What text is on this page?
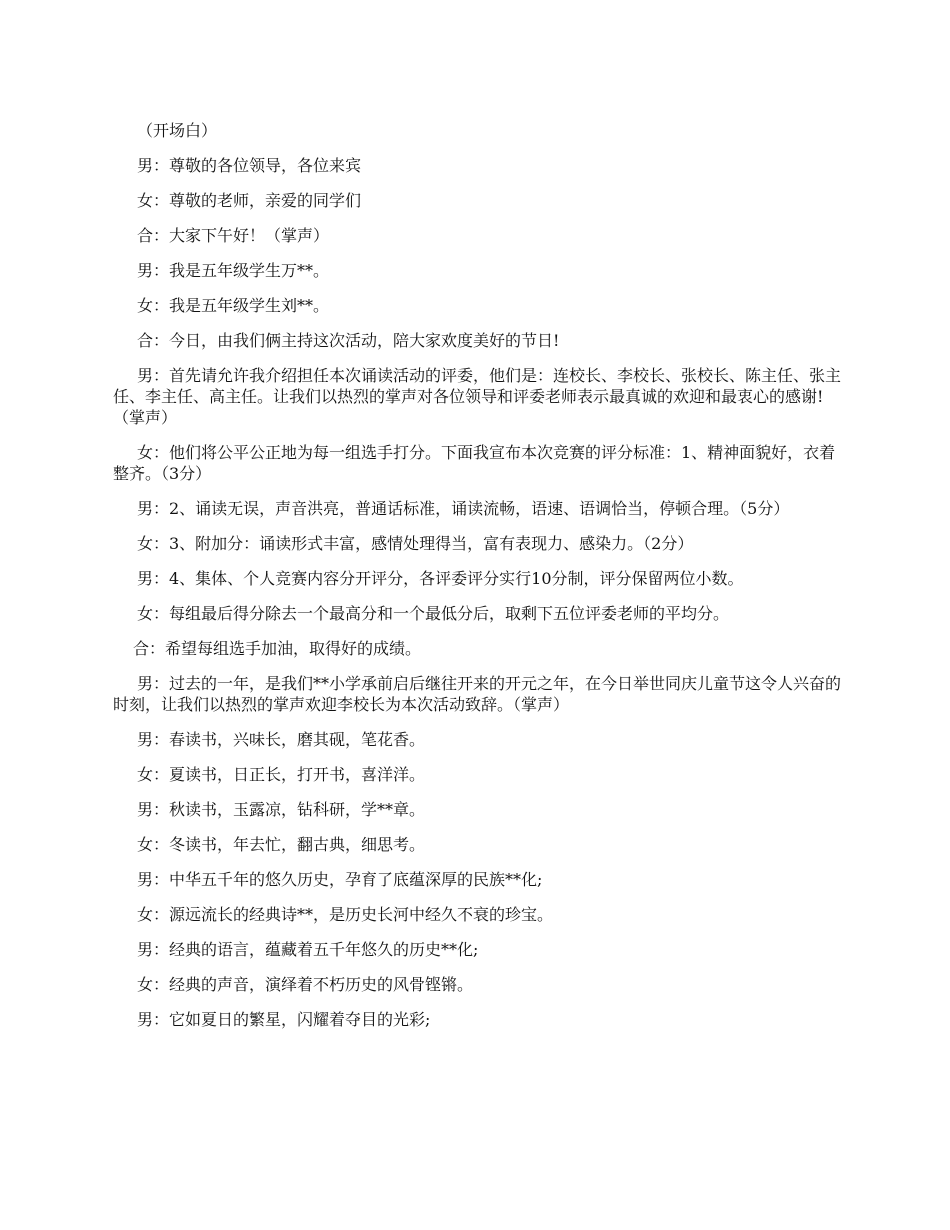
（开场白）

男：尊敬的各位领导，各位来宾

女：尊敬的老师，亲爱的同学们

合：大家下午好！（掌声）

男：我是五年级学生万**。

女：我是五年级学生刘**。

合：今日，由我们俩主持这次活动，陪大家欢度美好的节日!

男：首先请允许我介绍担任本次诵读活动的评委，他们是：连校长、李校长、张校长、陈主任、张主任、李主任、高主任。让我们以热烈的掌声对各位领导和评委老师表示最真诚的欢迎和最衷心的感谢!（掌声）

女：他们将公平公正地为每一组选手打分。下面我宣布本次竞赛的评分标准：1、精神面貌好，衣着整齐。（3分）

男：2、诵读无误，声音洪亮，普通话标准，诵读流畅，语速、语调恰当，停顿合理。（5分）

女：3、附加分：诵读形式丰富，感情处理得当，富有表现力、感染力。（2分）

男：4、集体、个人竞赛内容分开评分，各评委评分实行10分制，评分保留两位小数。

女：每组最后得分除去一个最高分和一个最低分后，取剩下五位评委老师的平均分。

合：希望每组选手加油，取得好的成绩。

男：过去的一年，是我们**小学承前启后继往开来的开元之年，在今日举世同庆儿童节这令人兴奋的时刻，让我们以热烈的掌声欢迎李校长为本次活动致辞。（掌声）

男：春读书，兴味长，磨其砚，笔花香。

女：夏读书，日正长，打开书，喜洋洋。

男：秋读书，玉露凉，钻科研，学**章。

女：冬读书，年去忙，翻古典，细思考。

男：中华五千年的悠久历史，孕育了底蕴深厚的民族**化;

女：源远流长的经典诗**，是历史长河中经久不衰的珍宝。

男：经典的语言，蕴藏着五千年悠久的历史**化;

女：经典的声音，演绎着不朽历史的风骨铿锵。

男：它如夏日的繁星，闪耀着夺目的光彩;
